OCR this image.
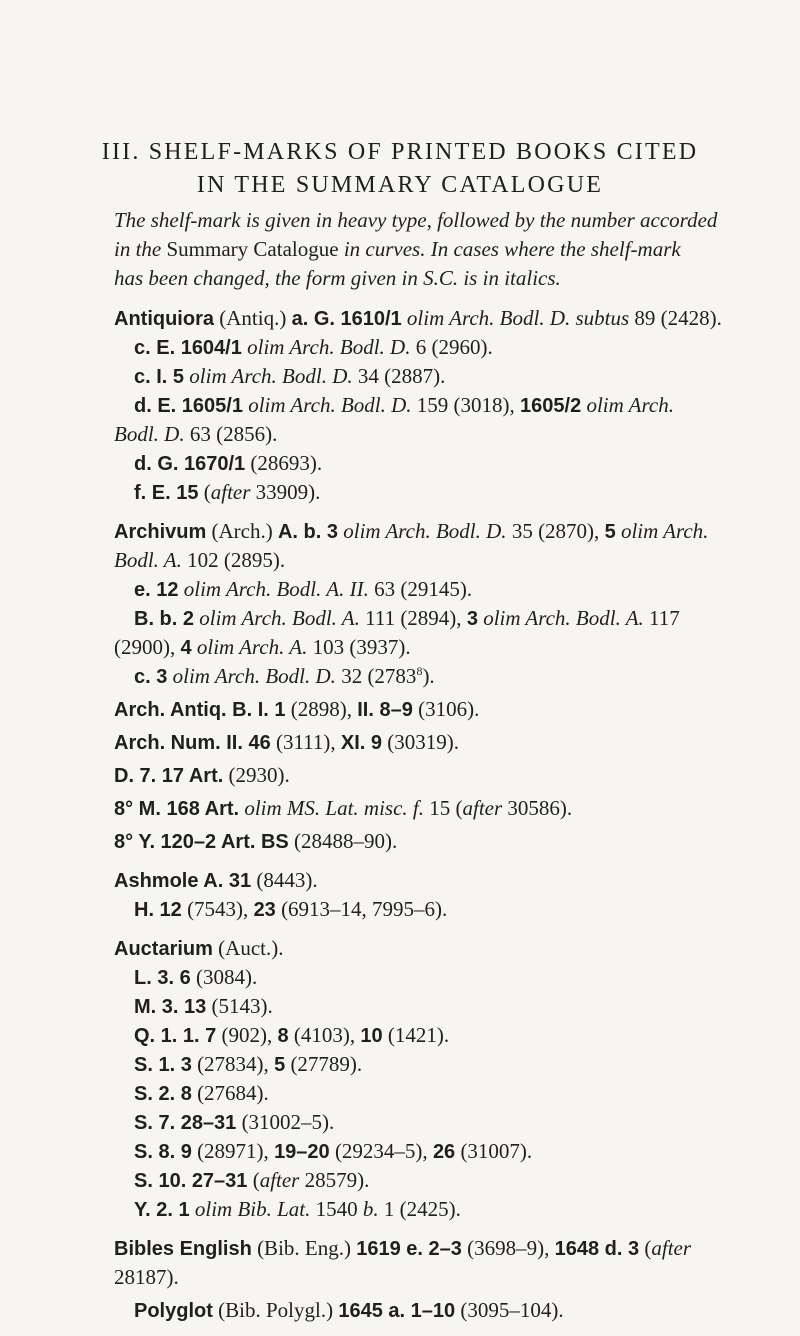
III. SHELF-MARKS OF PRINTED BOOKS CITED
IN THE SUMMARY CATALOGUE
The shelf-mark is given in heavy type, followed by the number accorded
in the Summary Catalogue in curves. In cases where the shelf-mark
has been changed, the form given in S.C. is in italics.
Antiquiora (Antiq.) a. G. 1610/1 olim Arch. Bodl. D. subtus 89 (2428).
c. E. 1604/1 olim Arch. Bodl. D. 6 (2960).
c. I. 5 olim Arch. Bodl. D. 34 (2887).
d. E. 1605/1 olim Arch. Bodl. D. 159 (3018), 1605/2 olim Arch.
Bodl. D. 63 (2856).
d. G. 1670/1 (28693).
f. E. 15 (after 33909).
Archivum (Arch.) A. b. 3 olim Arch. Bodl. D. 35 (2870), 5 olim Arch.
Bodl. A. 102 (2895).
e. 12 olim Arch. Bodl. A. II. 63 (29145).
B. b. 2 olim Arch. Bodl. A. 111 (2894), 3 olim Arch. Bodl. A. 117
(2900), 4 olim Arch. A. 103 (3937).
c. 3 olim Arch. Bodl. D. 32 (2783$^8$).
Arch. Antiq. B. I. 1 (2898), II. 8–9 (3106).
Arch. Num. II. 46 (3111), XI. 9 (30319).
D. 7. 17 Art. (2930).
8° M. 168 Art. olim MS. Lat. misc. f. 15 (after 30586).
8° Y. 120–2 Art. BS (28488–90).
Ashmole A. 31 (8443).
H. 12 (7543), 23 (6913–14, 7995–6).
Auctarium (Auct.).
L. 3. 6 (3084).
M. 3. 13 (5143).
Q. 1. 1. 7 (902), 8 (4103), 10 (1421).
S. 1. 3 (27834), 5 (27789).
S. 2. 8 (27684).
S. 7. 28–31 (31002–5).
S. 8. 9 (28971), 19–20 (29234–5), 26 (31007).
S. 10. 27–31 (after 28579).
Y. 2. 1 olim Bib. Lat. 1540 b. 1 (2425).
Bibles English (Bib. Eng.) 1619 e. 2–3 (3698–9), 1648 d. 3 (after
28187).
Polyglot (Bib. Polygl.) 1645 a. 1–10 (3095–104).
